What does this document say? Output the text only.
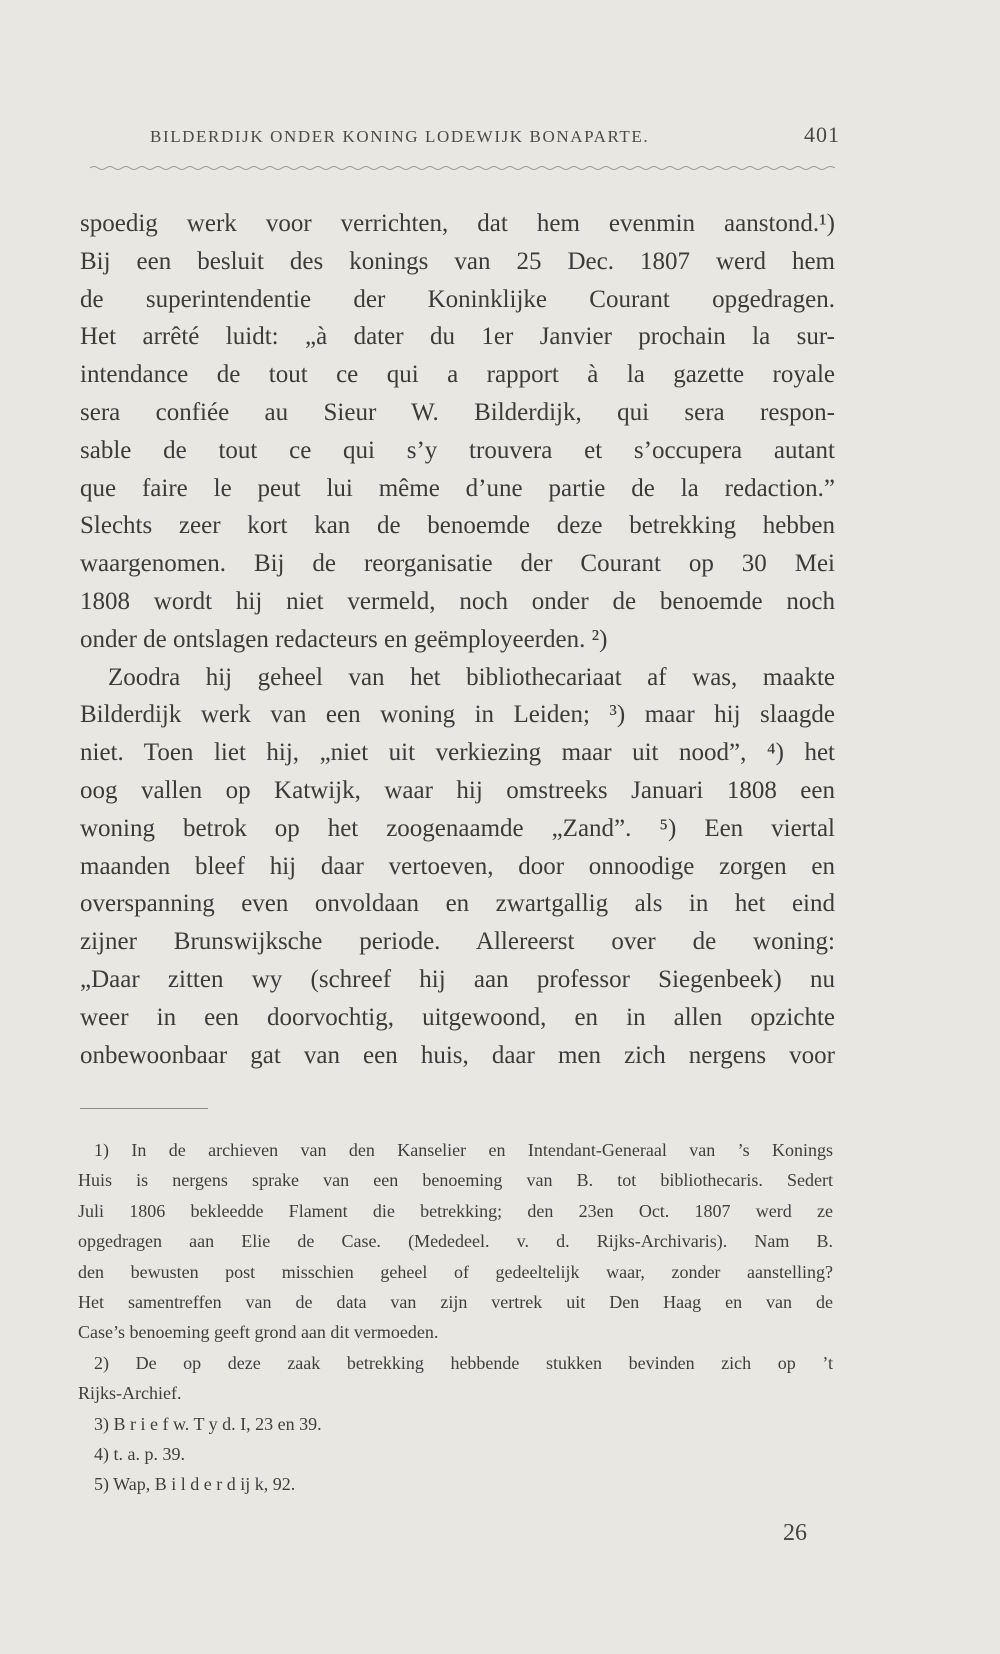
BILDERDIJK ONDER KONING LODEWIJK BONAPARTE.	401
spoedig werk voor verrichten, dat hem evenmin aanstond.¹)
Bij een besluit des konings van 25 Dec. 1807 werd hem
de superintendentie der Koninklijke Courant opgedragen.
Het arrêté luidt: „à dater du 1er Janvier prochain la sur-
intendance de tout ce qui a rapport à la gazette royale
sera confiée au Sieur W. Bilderdijk, qui sera respon-
sable de tout ce qui s’y trouvera et s’occupera autant
que faire le peut lui même d’une partie de la redaction.”
Slechts zeer kort kan de benoemde deze betrekking hebben
waargenomen. Bij de reorganisatie der Courant op 30 Mei
1808 wordt hij niet vermeld, noch onder de benoemde noch
onder de ontslagen redacteurs en geëmployeerden. ²)
Zoodra hij geheel van het bibliothecariaat af was, maakte
Bilderdijk werk van een woning in Leiden; ³) maar hij slaagde
niet. Toen liet hij, „niet uit verkiezing maar uit nood”, ⁴) het
oog vallen op Katwijk, waar hij omstreeks Januari 1808 een
woning betrok op het zoogenaamde „Zand”. ⁵) Een viertal
maanden bleef hij daar vertoeven, door onnoodige zorgen en
overspanning even onvoldaan en zwartgallig als in het eind
zijner Brunswijksche periode. Allereerst over de woning:
„Daar zitten wy (schreef hij aan professor Siegenbeek) nu
weer in een doorvochtig, uitgewoond, en in allen opzichte
onbewoonbaar gat van een huis, daar men zich nergens voor
1) In de archieven van den Kanselier en Intendant-Generaal van ’s Konings
Huis is nergens sprake van een benoeming van B. tot bibliothecaris. Sedert
Juli 1806 bekleedde Flament die betrekking; den 23en Oct. 1807 werd ze
opgedragen aan Elie de Case. (Mededeel. v. d. Rijks-Archivaris). Nam B.
den bewusten post misschien geheel of gedeeltelijk waar, zonder aanstelling?
Het samentreffen van de data van zijn vertrek uit Den Haag en van de
Case’s benoeming geeft grond aan dit vermoeden.
2) De op deze zaak betrekking hebbende stukken bevinden zich op ’t
Rijks-Archief.
3) B r i e f w. T y d. I, 23 en 39.
4) t. a. p. 39.
5) Wap, B i l d e r d ij k, 92.
26
